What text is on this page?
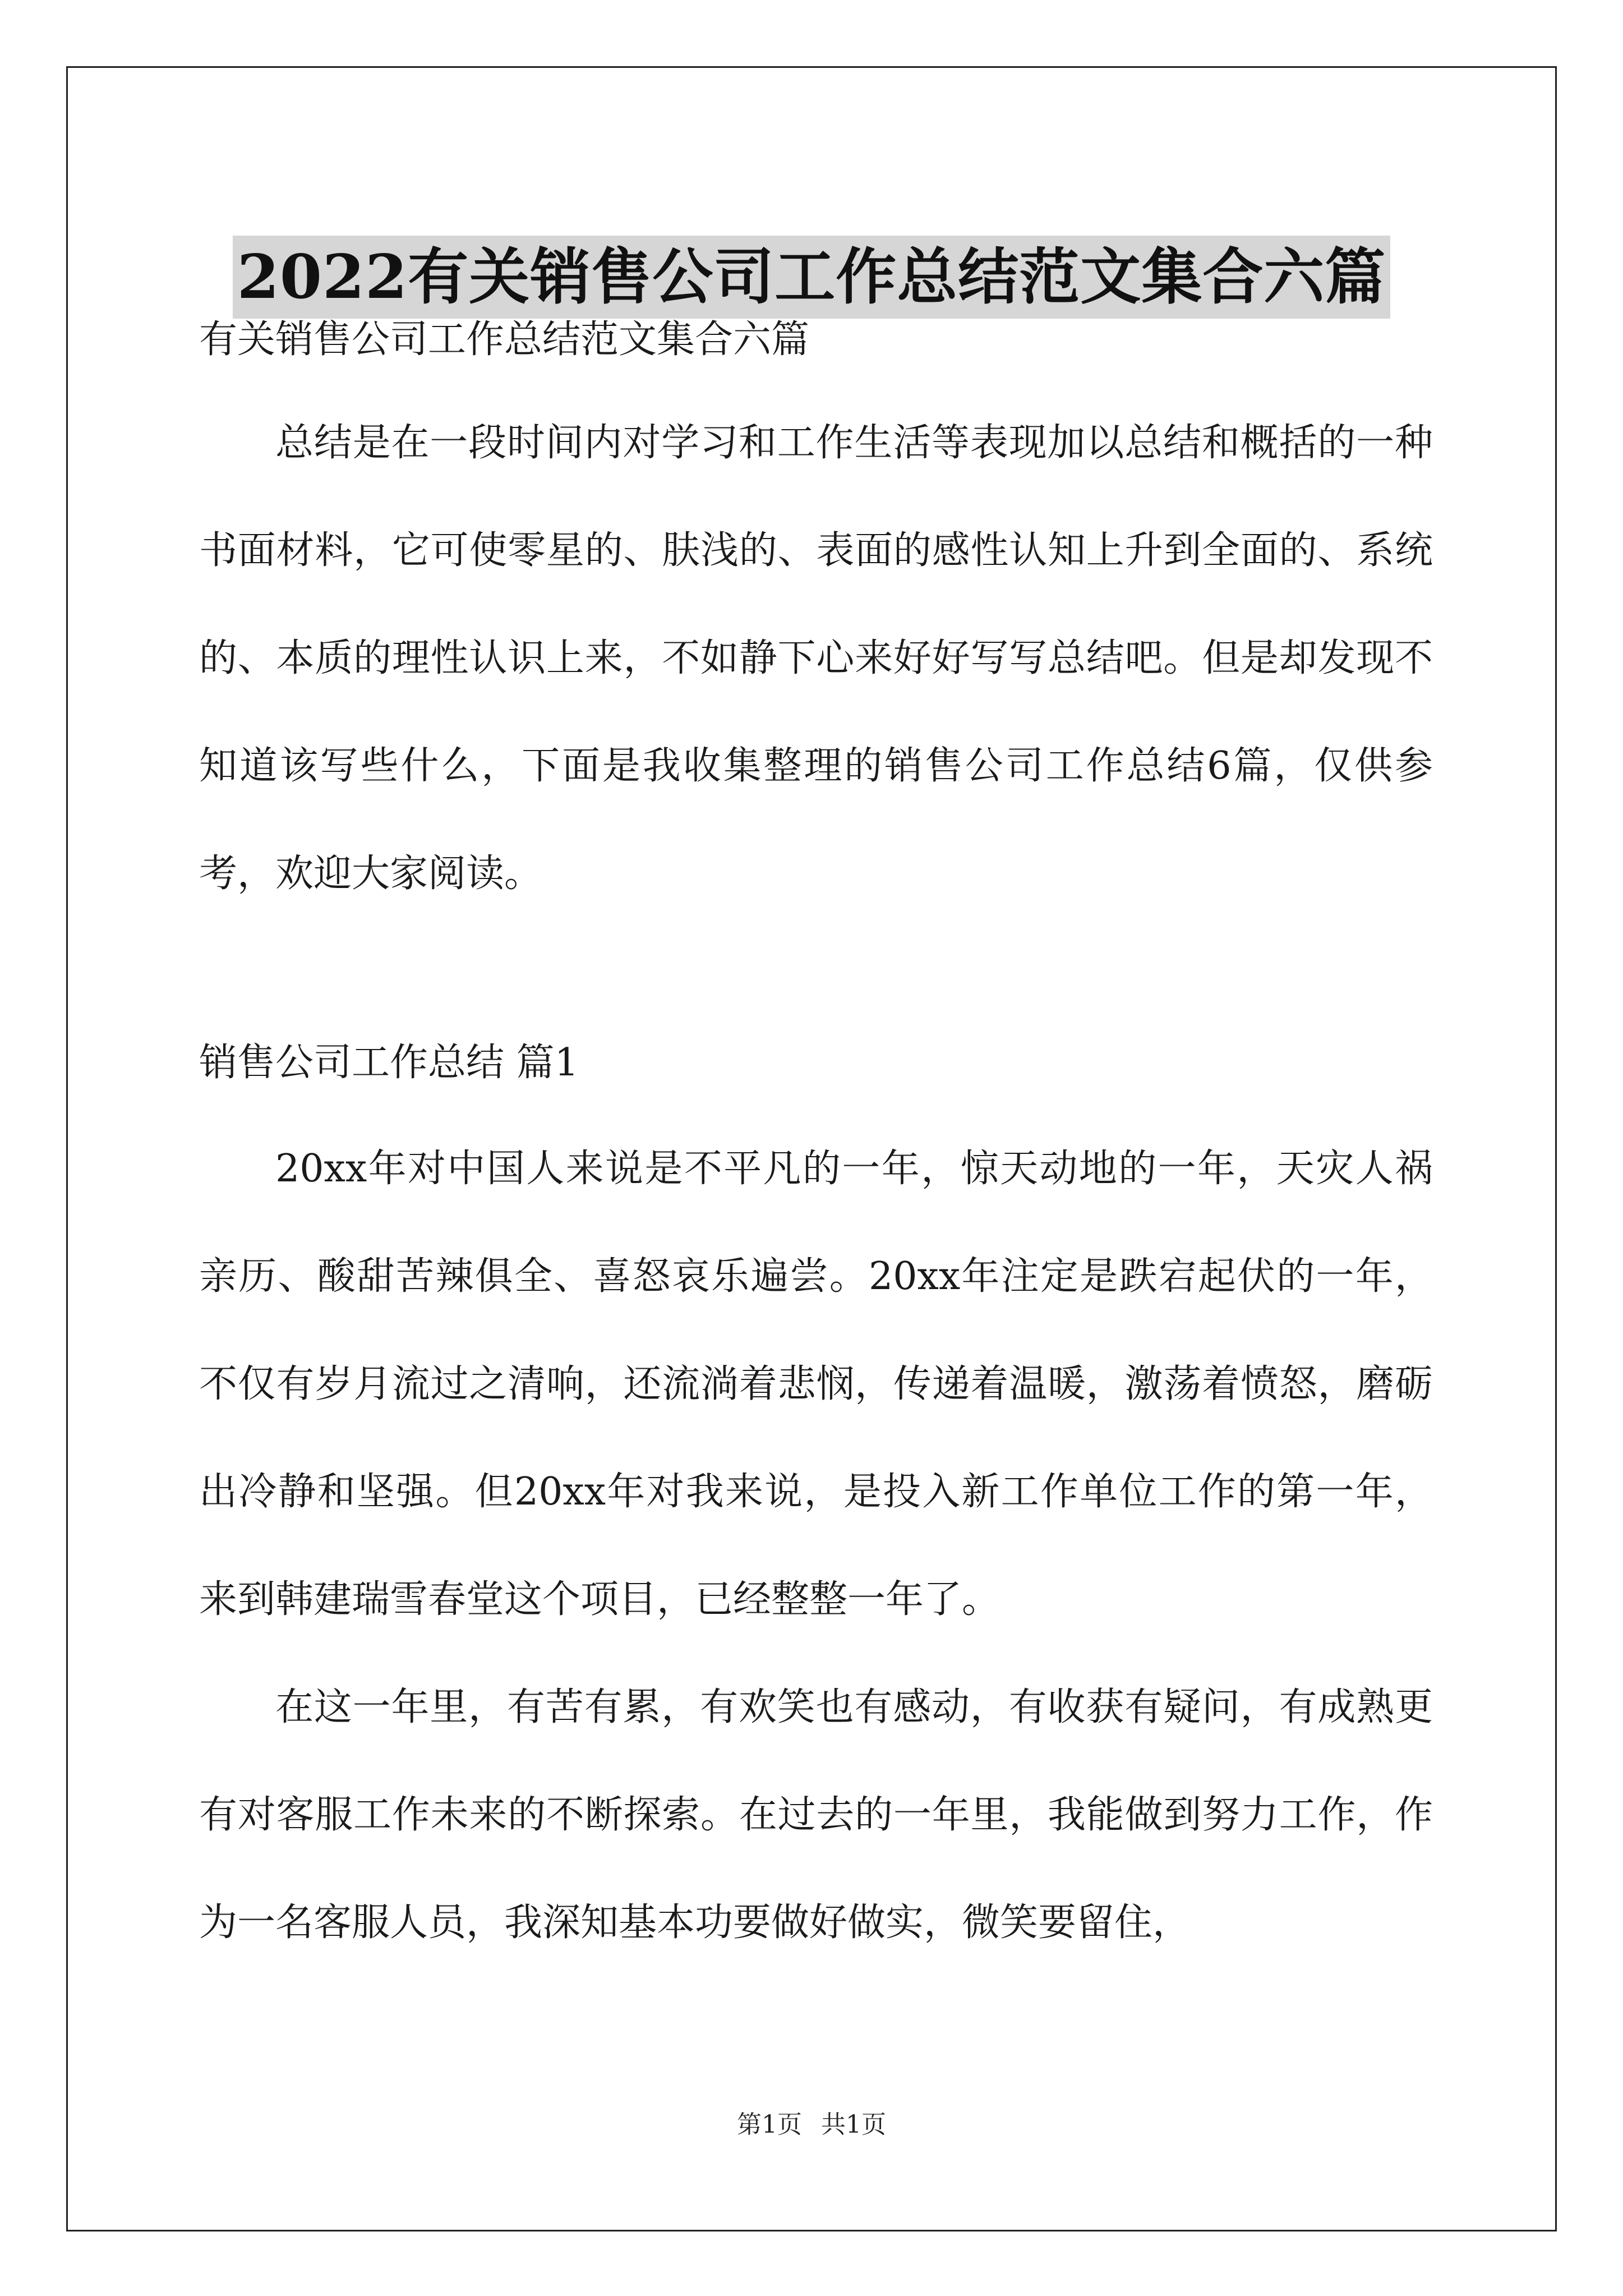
2022有关销售公司工作总结范文集合六篇

有关销售公司工作总结范文集合六篇

总结是在一段时间内对学习和工作生活等表现加以总结和概括的一种书面材料，它可使零星的、肤浅的、表面的感性认知上升到全面的、系统的、本质的理性认识上来，不如静下心来好好写写总结吧。但是却发现不知道该写些什么，下面是我收集整理的销售公司工作总结6篇，仅供参考，欢迎大家阅读。

销售公司工作总结 篇1

20xx年对中国人来说是不平凡的一年，惊天动地的一年，天灾人祸亲历、酸甜苦辣俱全、喜怒哀乐遍尝。20xx年注定是跌宕起伏的一年，不仅有岁月流过之清响，还流淌着悲悯，传递着温暖，激荡着愤怒，磨砺出冷静和坚强。但20xx年对我来说，是投入新工作单位工作的第一年，来到韩建瑞雪春堂这个项目，已经整整一年了。

在这一年里，有苦有累，有欢笑也有感动，有收获有疑问，有成熟更有对客服工作未来的不断探索。在过去的一年里，我能做到努力工作，作为一名客服人员，我深知基本功要做好做实，微笑要留住，

第1页 共1页
